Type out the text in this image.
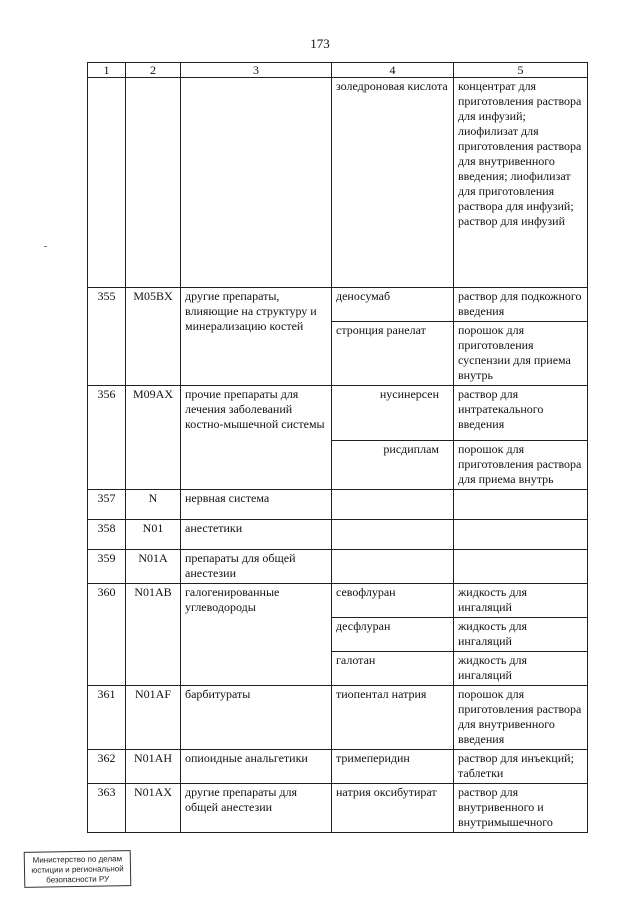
173
1	2	3	4	5
			золедроновая кислота	концентрат для приготовления раствора для инфузий; лиофилизат для приготовления раствора для внутривенного введения; лиофилизат для приготовления раствора для инфузий; раствор для инфузий
355	M05BX	другие препараты, влияющие на структуру и минерализацию костей	деносумаб	раствор для подкожного введения
			стронция ранелат	порошок для приготовления суспензии для приема внутрь
356	M09AX	прочие препараты для лечения заболеваний костно-мышечной системы	нусинерсен	раствор для интратекального введения
			рисдиплам	порошок для приготовления раствора для приема внутрь
357	N	нервная система		
358	N01	анестетики		
359	N01A	препараты для общей анестезии		
360	N01AB	галогенированные углеводороды	севофлуран	жидкость для ингаляций
			десфлуран	жидкость для ингаляций
			галотан	жидкость для ингаляций
361	N01AF	барбитураты	тиопентал натрия	порошок для приготовления раствора для внутривенного введения
362	N01AH	опиоидные анальгетики	тримеперидин	раствор для инъекций; таблетки
363	N01AX	другие препараты для общей анестезии	натрия оксибутират	раствор для внутривенного и внутримышечного
Министерство по делам
юстиции и региональной
безопасности РУ
